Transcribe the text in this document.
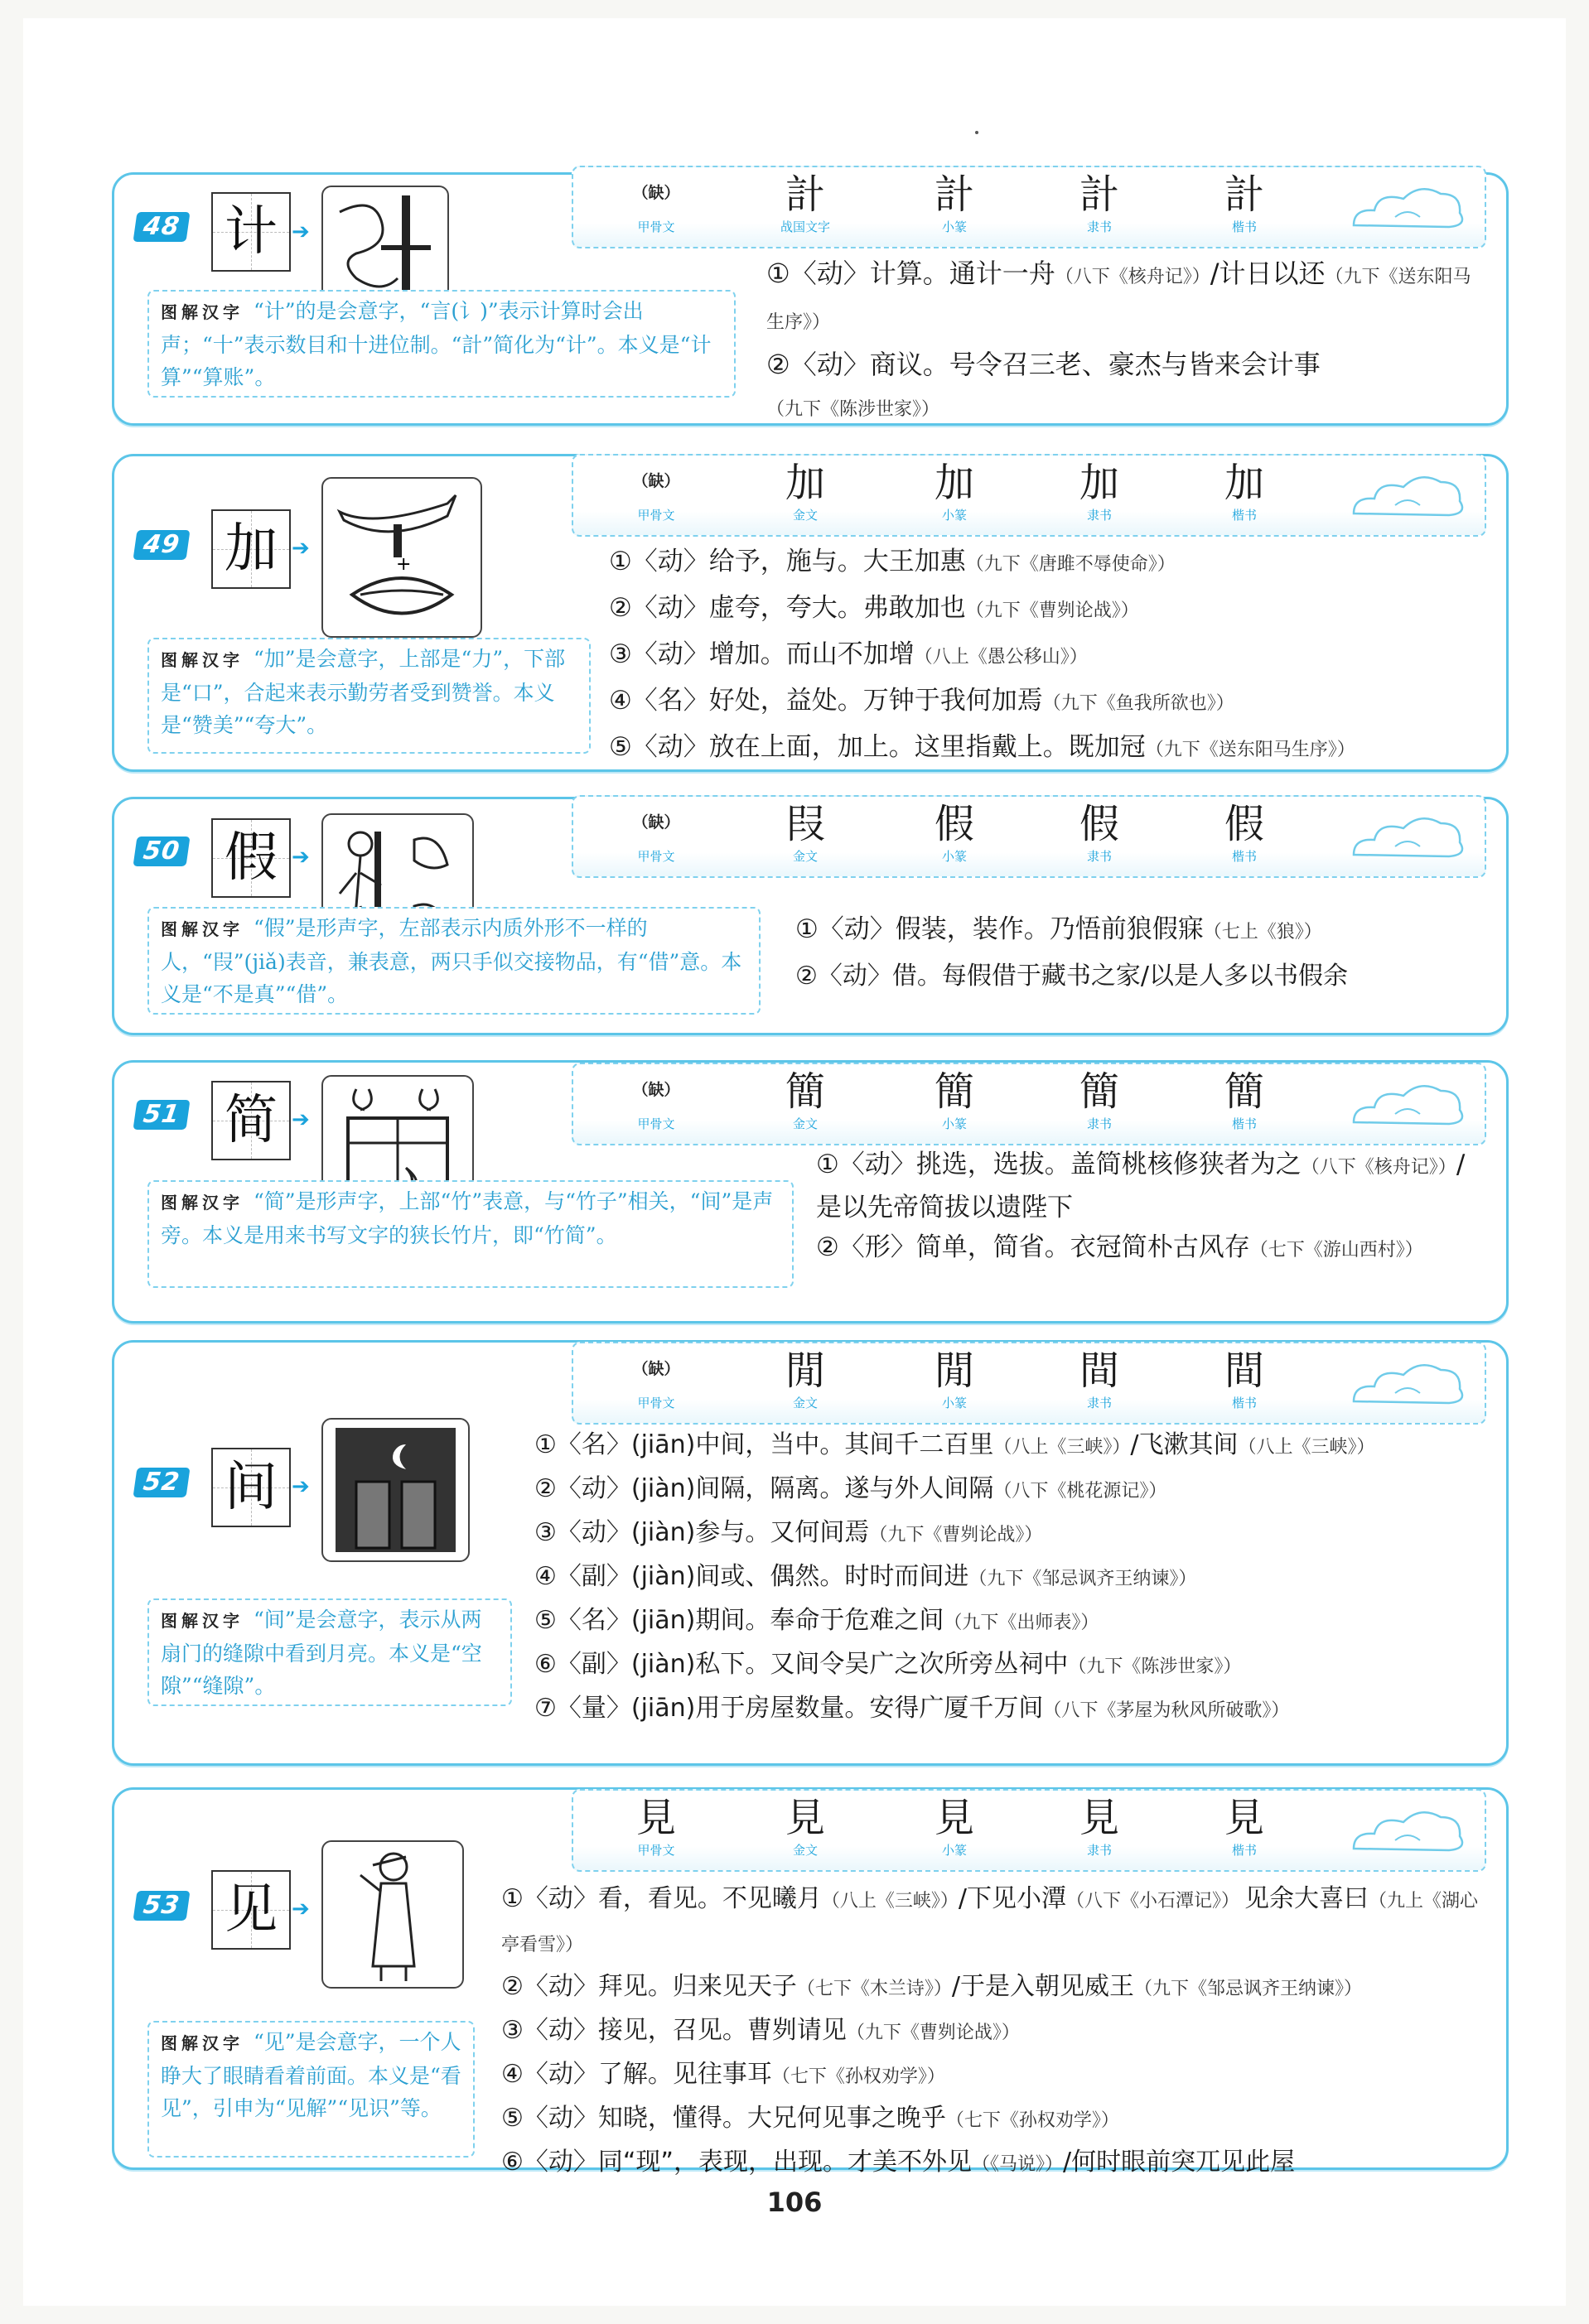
48 计 ➔
图解汉字 “计”的是会意字，“言(讠)”表示计算时会出声；“十”表示数目和十进位制。“計”简化为“计”。本义是“计算”“算账”。
（缺）
甲骨文
計
战国文字
計
小篆
計
隶书
計
楷书
①〈动〉计算。通计一舟（八下《核舟记》）/计日以还（九下《送东阳马生序》）
②〈动〉商议。号令召三老、豪杰与皆来会计事（九下《陈涉世家》）
49 加 ➔
+
图解汉字 “加”是会意字，上部是“力”，下部是“口”，合起来表示勤劳者受到赞誉。本义是“赞美”“夸大”。
（缺）
甲骨文
加
金文
加
小篆
加
隶书
加
楷书
①〈动〉给予，施与。大王加惠（九下《唐雎不辱使命》）
②〈动〉虚夸，夸大。弗敢加也（九下《曹刿论战》）
③〈动〉增加。而山不加增（八上《愚公移山》）
④〈名〉好处，益处。万钟于我何加焉（九下《鱼我所欲也》）
⑤〈动〉放在上面，加上。这里指戴上。既加冠（九下《送东阳马生序》）
50 假 ➔
图解汉字 “假”是形声字，左部表示内质外形不一样的人，“叚”(jiǎ)表音，兼表意，两只手似交接物品，有“借”意。本义是“不是真”“借”。
（缺）
甲骨文
叚
金文
假
小篆
假
隶书
假
楷书
①〈动〉假装，装作。乃悟前狼假寐（七上《狼》）
②〈动〉借。每假借于藏书之家/以是人多以书假余
51 简 ➔
图解汉字 “简”是形声字，上部“竹”表意，与“竹子”相关，“间”是声旁。本义是用来书写文字的狭长竹片，即“竹简”。
（缺）
甲骨文
簡
金文
簡
小篆
簡
隶书
簡
楷书
①〈动〉挑选，选拔。盖简桃核修狭者为之（八下《核舟记》）/是以先帝简拔以遗陛下
②〈形〉简单，简省。衣冠简朴古风存（七下《游山西村》）
52 间 ➔
图解汉字 “间”是会意字，表示从两扇门的缝隙中看到月亮。本义是“空隙”“缝隙”。
（缺）
甲骨文
閒
金文
閒
小篆
間
隶书
間
楷书
①〈名〉(jiān)中间，当中。其间千二百里（八上《三峡》）/飞漱其间（八上《三峡》）
②〈动〉(jiàn)间隔，隔离。遂与外人间隔（八下《桃花源记》）
③〈动〉(jiàn)参与。又何间焉（九下《曹刿论战》）
④〈副〉(jiàn)间或、偶然。时时而间进（九下《邹忌讽齐王纳谏》）
⑤〈名〉(jiān)期间。奉命于危难之间（九下《出师表》）
⑥〈副〉(jiàn)私下。又间令吴广之次所旁丛祠中（九下《陈涉世家》）
⑦〈量〉(jiān)用于房屋数量。安得广厦千万间（八下《茅屋为秋风所破歌》）
53 见 ➔
图解汉字 “见”是会意字，一个人睁大了眼睛看着前面。本义是“看见”，引申为“见解”“见识”等。
見
甲骨文
見
金文
見
小篆
見
隶书
見
楷书
①〈动〉看，看见。不见曦月（八上《三峡》）/下见小潭（八下《小石潭记》） 见余大喜曰（九上《湖心亭看雪》）
②〈动〉拜见。归来见天子（七下《木兰诗》）/于是入朝见威王（九下《邹忌讽齐王纳谏》）
③〈动〉接见，召见。曹刿请见（九下《曹刿论战》）
④〈动〉了解。见往事耳（七下《孙权劝学》）
⑤〈动〉知晓，懂得。大兄何见事之晚乎（七下《孙权劝学》）
⑥〈动〉同“现”，表现，出现。才美不外见（《马说》）/何时眼前突兀见此屋
106
